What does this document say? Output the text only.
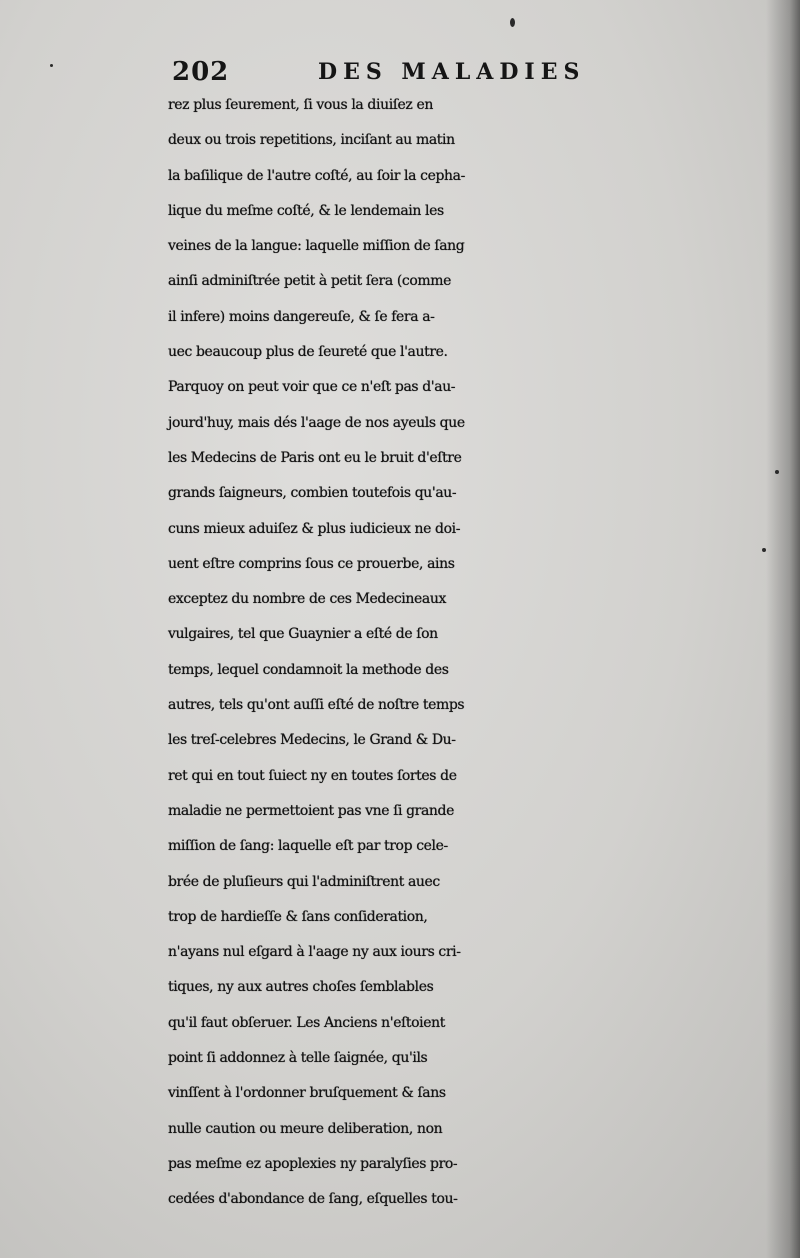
202	DES MALADIES
rez plus ſeurement, ſi vous la diuiſez en
deux ou trois repetitions, inciſant au matin
la baſilique de l'autre coſté, au ſoir la cepha-
lique du meſme coſté, & le lendemain les
veines de la langue: laquelle miſſion de ſang
ainſi adminiſtrée petit à petit ſera (comme
il infere) moins dangereuſe, & ſe fera a-
uec beaucoup plus de ſeureté que l'autre.
Parquoy on peut voir que ce n'eſt pas d'au-
jourd'huy, mais dés l'aage de nos ayeuls que
les Medecins de Paris ont eu le bruit d'eſtre
grands ſaigneurs, combien toutefois qu'au-
cuns mieux aduiſez & plus iudicieux ne doi-
uent eſtre comprins ſous ce prouerbe, ains
exceptez du nombre de ces Medecineaux
vulgaires, tel que Guaynier a eſté de ſon
temps, lequel condamnoit la methode des
autres, tels qu'ont auſſi eſté de noſtre temps
les treſ-celebres Medecins, le Grand & Du-
ret qui en tout ſuiect ny en toutes ſortes de
maladie ne permettoient pas vne ſi grande
miſſion de ſang: laquelle eſt par trop cele-
brée de pluſieurs qui l'adminiſtrent auec
trop de hardieſſe & ſans conſideration,
n'ayans nul eſgard à l'aage ny aux iours cri-
tiques, ny aux autres choſes ſemblables
qu'il faut obſeruer. Les Anciens n'eſtoient
point ſi addonnez à telle ſaignée, qu'ils
vinſſent à l'ordonner bruſquement & ſans
nulle caution ou meure deliberation, non
pas meſme ez apoplexies ny paralyſies pro-
cedées d'abondance de ſang, eſquelles tou-
